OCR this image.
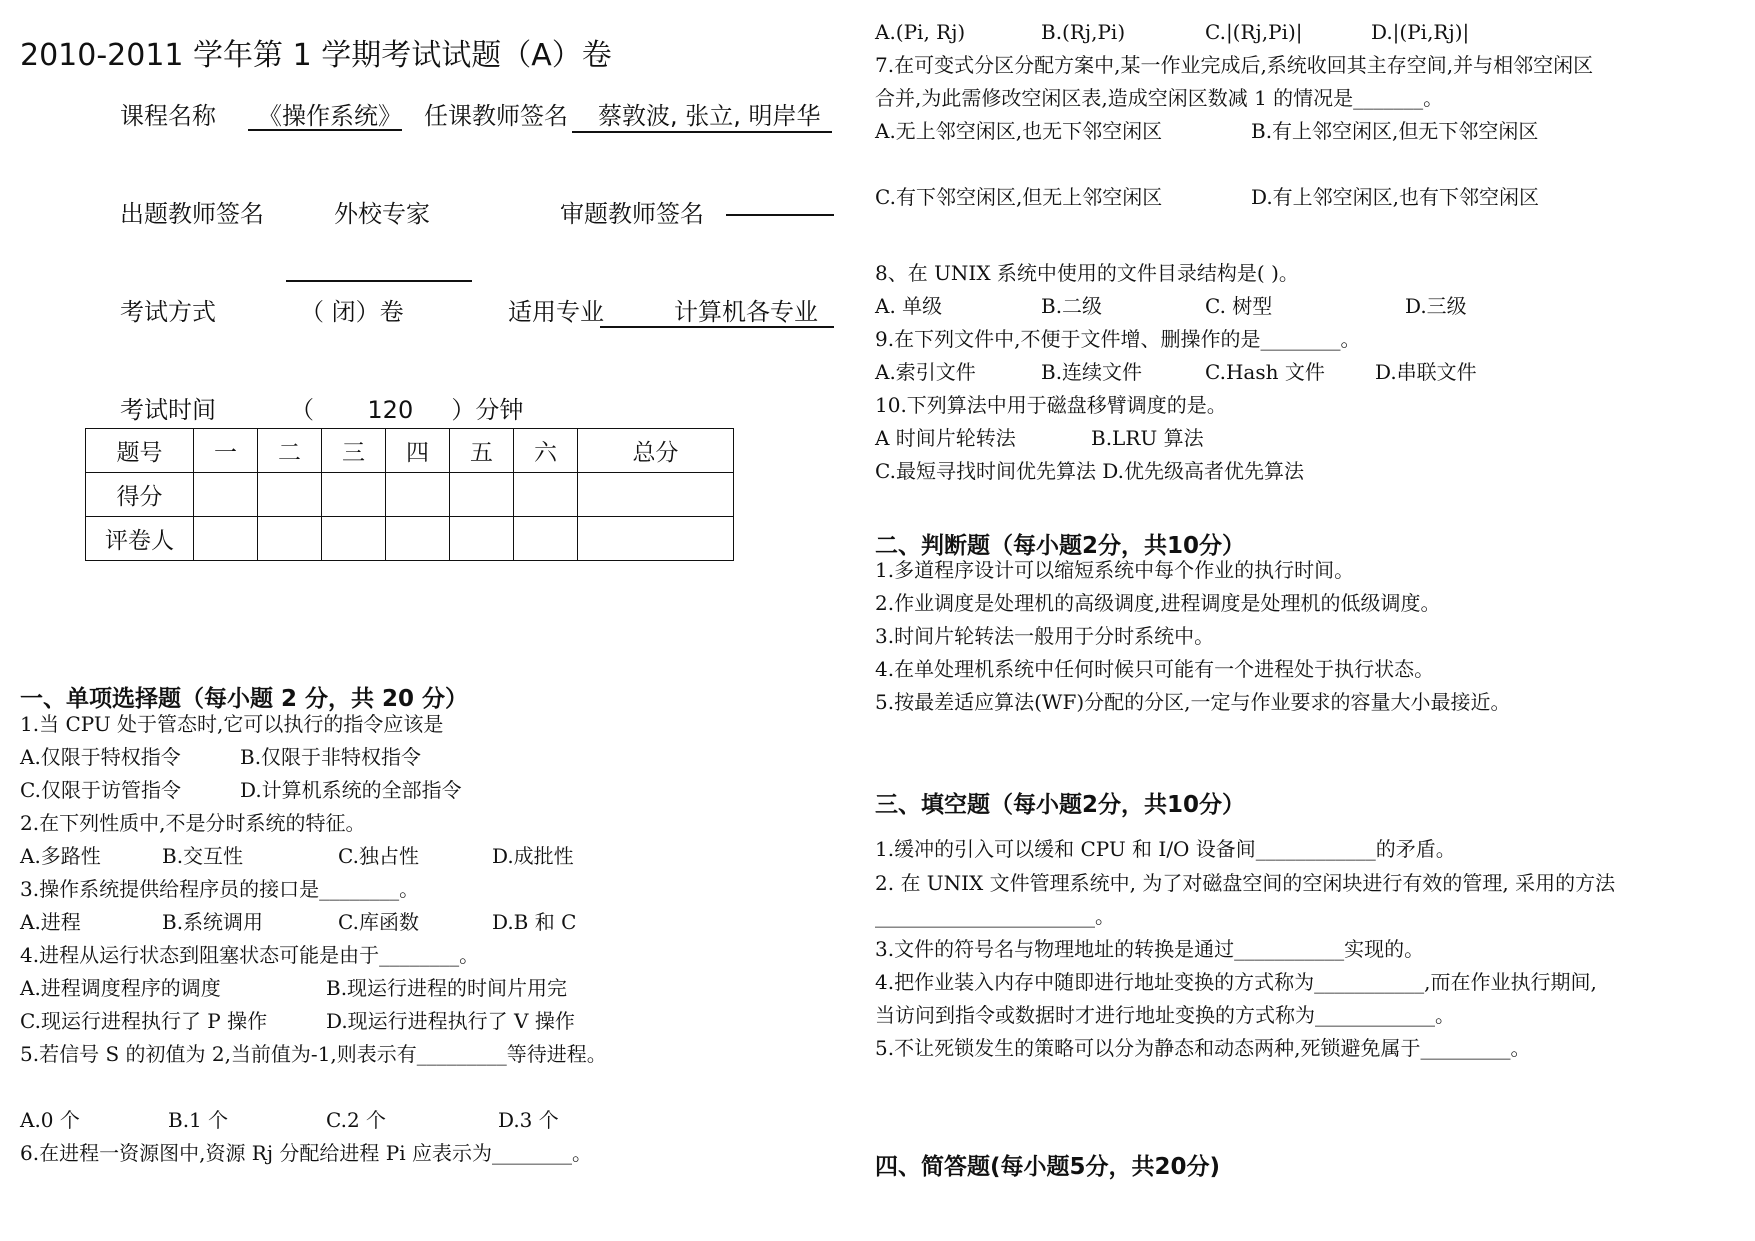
2010-2011 学年第 1 学期考试试题（A）卷
课程名称 《操作系统》 任课教师签名 蔡敦波, 张立, 明岸华
出题教师签名	外校专家	审题教师签名
考试方式	（ 闭）卷	适用专业	计算机各专业
考试时间	（       120     ）分钟
题号	一	二	三	四	五	六	总分
得分							
评卷人							
一、单项选择题（每小题 2 分，共 20 分）
1.当 CPU 处于管态时,它可以执行的指令应该是
A.仅限于特权指令	B.仅限于非特权指令
C.仅限于访管指令	D.计算机系统的全部指令
2.在下列性质中,不是分时系统的特征。
A.多路性	B.交互性	C.独占性	D.成批性
3.操作系统提供给程序员的接口是________。
A.进程	B.系统调用	C.库函数	D.B 和 C
4.进程从运行状态到阻塞状态可能是由于________。
A.进程调度程序的调度	B.现运行进程的时间片用完
C.现运行进程执行了 P 操作	D.现运行进程执行了 V 操作
5.若信号 S 的初值为 2,当前值为-1,则表示有_________等待进程。
A.0 个	B.1 个	C.2 个	D.3 个
6.在进程一资源图中,资源 Rj 分配给进程 Pi 应表示为________。
A.(Pi, Rj)	B.(Rj,Pi)	C.|(Rj,Pi)|	D.|(Pi,Rj)|
7.在可变式分区分配方案中,某一作业完成后,系统收回其主存空间,并与相邻空闲区
合并,为此需修改空闲区表,造成空闲区数减 1 的情况是_______。
A.无上邻空闲区,也无下邻空闲区	B.有上邻空闲区,但无下邻空闲区
C.有下邻空闲区,但无上邻空闲区	D.有上邻空闲区,也有下邻空闲区
8、在 UNIX 系统中使用的文件目录结构是( )。
A. 单级	B.二级	C. 树型	D.三级
9.在下列文件中,不便于文件增、删操作的是________。
A.索引文件	B.连续文件	C.Hash 文件	D.串联文件
10.下列算法中用于磁盘移臂调度的是。
A 时间片轮转法	B.LRU 算法
C.最短寻找时间优先算法 D.优先级高者优先算法
二、判断题（每小题2分，共10分）
1.多道程序设计可以缩短系统中每个作业的执行时间。
2.作业调度是处理机的高级调度,进程调度是处理机的低级调度。
3.时间片轮转法一般用于分时系统中。
4.在单处理机系统中任何时候只可能有一个进程处于执行状态。
5.按最差适应算法(WF)分配的分区,一定与作业要求的容量大小最接近。
三、填空题（每小题2分，共10分）
1.缓冲的引入可以缓和 CPU 和 I/O 设备间____________的矛盾。
2. 在 UNIX 文件管理系统中, 为了对磁盘空间的空闲块进行有效的管理, 采用的方法
______________________。
3.文件的符号名与物理地址的转换是通过___________实现的。
4.把作业装入内存中随即进行地址变换的方式称为___________,而在作业执行期间,
当访问到指令或数据时才进行地址变换的方式称为____________。
5.不让死锁发生的策略可以分为静态和动态两种,死锁避免属于_________。
四、简答题(每小题5分，共20分)
